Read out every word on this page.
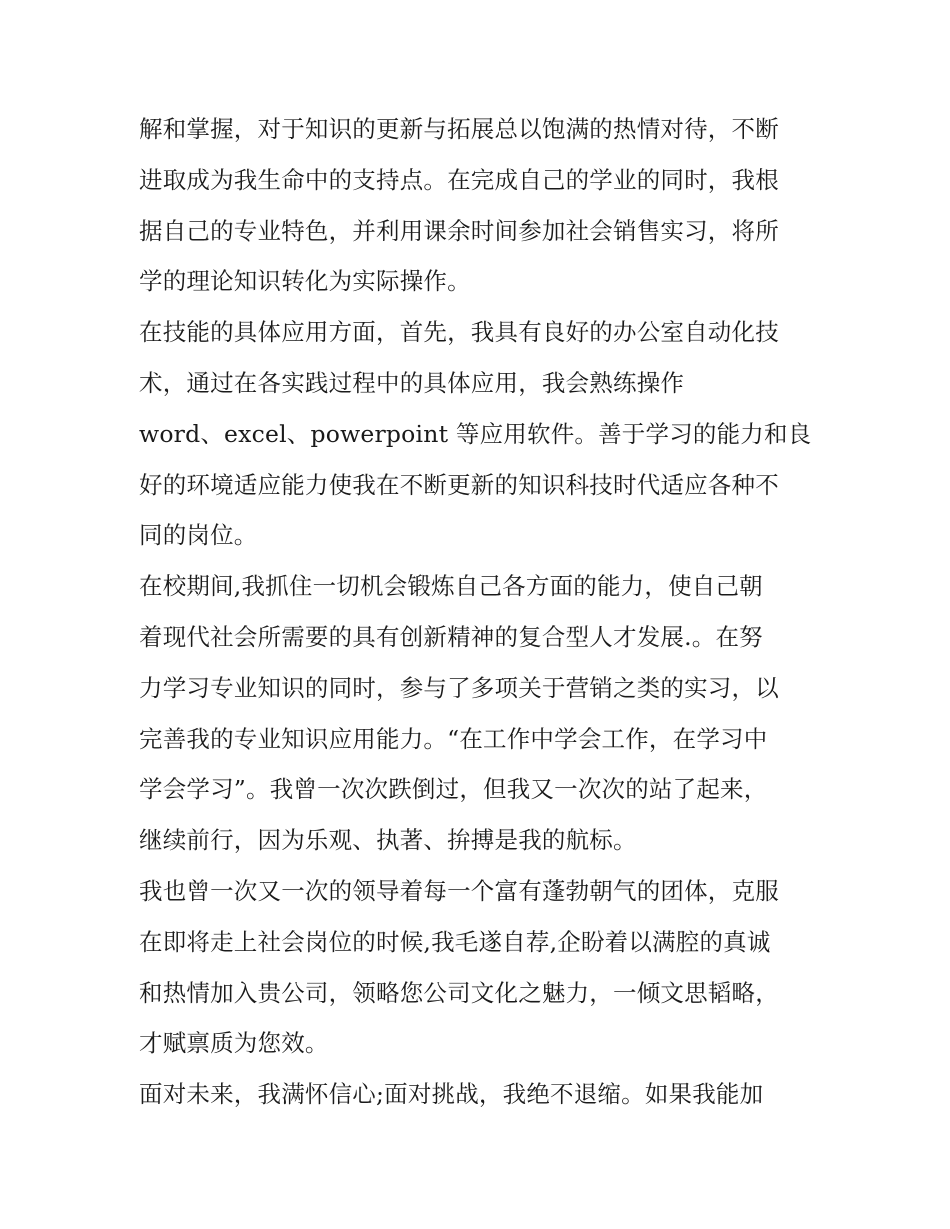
解和掌握，对于知识的更新与拓展总以饱满的热情对待，不断
进取成为我生命中的支持点。在完成自己的学业的同时，我根
据自己的专业特色，并利用课余时间参加社会销售实习，将所
学的理论知识转化为实际操作。
在技能的具体应用方面，首先，我具有良好的办公室自动化技
术，通过在各实践过程中的具体应用，我会熟练操作
word、excel、powerpoint 等应用软件。善于学习的能力和良
好的环境适应能力使我在不断更新的知识科技时代适应各种不
同的岗位。
在校期间,我抓住一切机会锻炼自己各方面的能力，使自己朝
着现代社会所需要的具有创新精神的复合型人才发展.。在努
力学习专业知识的同时，参与了多项关于营销之类的实习，以
完善我的专业知识应用能力。“在工作中学会工作，在学习中
学会学习”。我曾一次次跌倒过，但我又一次次的站了起来，
继续前行，因为乐观、执著、拚搏是我的航标。
我也曾一次又一次的领导着每一个富有蓬勃朝气的团体，克服
在即将走上社会岗位的时候,我毛遂自荐,企盼着以满腔的真诚
和热情加入贵公司，领略您公司文化之魅力，一倾文思韬略，
才赋禀质为您效。
面对未来，我满怀信心;面对挑战，我绝不退缩。如果我能加
